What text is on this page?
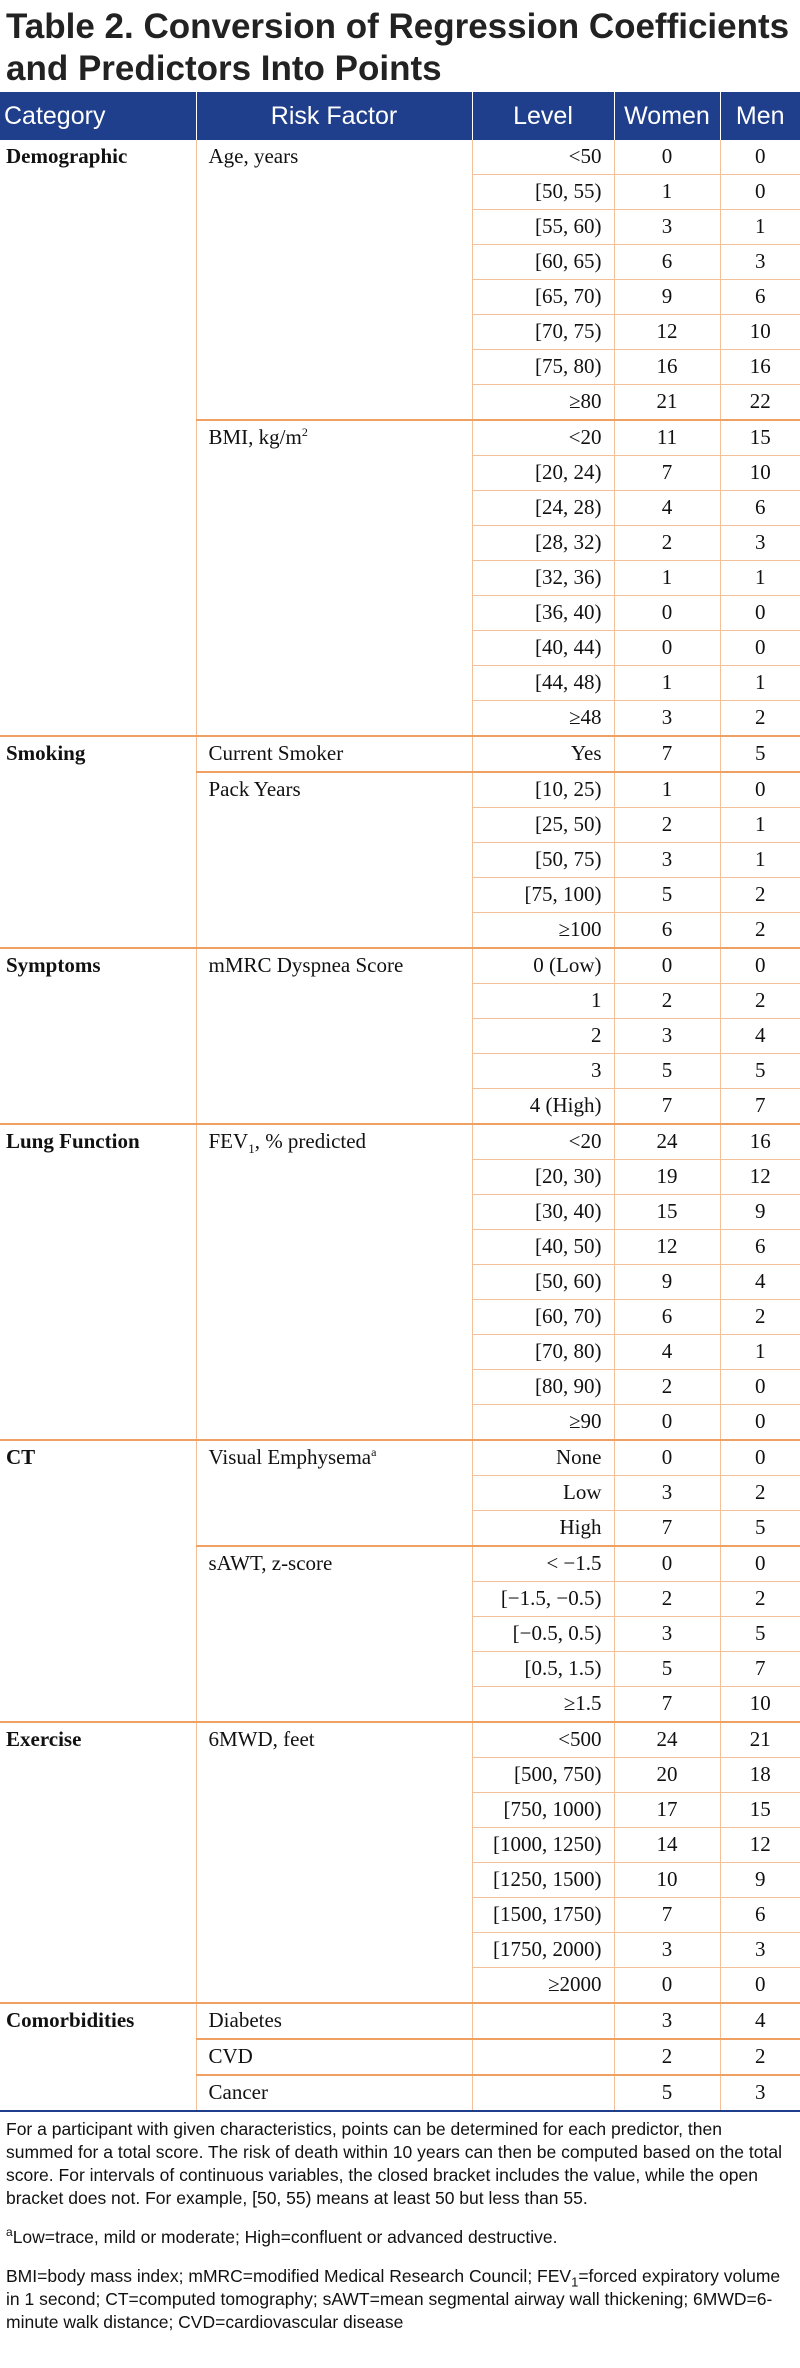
Table 2. Conversion of Regression Coefficients
and Predictors Into Points
Category	Risk Factor	Level	Women	Men
Demographic	Age, years	<50	0	0
		[50, 55)	1	0
		[55, 60)	3	1
		[60, 65)	6	3
		[65, 70)	9	6
		[70, 75)	12	10
		[75, 80)	16	16
		≥80	21	22
	BMI, $kg/m^2$	<20	11	15
		[20, 24)	7	10
		[24, 28)	4	6
		[28, 32)	2	3
		[32, 36)	1	1
		[36, 40)	0	0
		[40, 44)	0	0
		[44, 48)	1	1
		≥48	3	2
Smoking	Current Smoker	Yes	7	5
	Pack Years	[10, 25)	1	0
		[25, 50)	2	1
		[50, 75)	3	1
		[75, 100)	5	2
		≥100	6	2
Symptoms	mMRC Dyspnea Score	0 (Low)	0	0
		1	2	2
		2	3	4
		3	5	5
		4 (High)	7	7
Lung Function	$FEV_1$, % predicted	<20	24	16
		[20, 30)	19	12
		[30, 40)	15	9
		[40, 50)	12	6
		[50, 60)	9	4
		[60, 70)	6	2
		[70, 80)	4	1
		[80, 90)	2	0
		≥90	0	0
CT	Visual Emphysema$^a$	None	0	0
		Low	3	2
		High	7	5
	sAWT, z-score	< −1.5	0	0
		[−1.5, −0.5)	2	2
		[−0.5, 0.5)	3	5
		[0.5, 1.5)	5	7
		≥1.5	7	10
Exercise	6MWD, feet	<500	24	21
		[500, 750)	20	18
		[750, 1000)	17	15
		[1000, 1250)	14	12
		[1250, 1500)	10	9
		[1500, 1750)	7	6
		[1750, 2000)	3	3
		≥2000	0	0
Comorbidities	Diabetes		3	4
	CVD		2	2
	Cancer		5	3

For a participant with given characteristics, points can be determined for each predictor, then summed for a total score. The risk of death within 10 years can then be computed based on the total score. For intervals of continuous variables, the closed bracket includes the value, while the open bracket does not. For example, [50, 55) means at least 50 but less than 55.

$^a$Low=trace, mild or moderate; High=confluent or advanced destructive.

BMI=body mass index; mMRC=modified Medical Research Council; $FEV_1=forced$ expiratory volume in 1 second; CT=computed tomography; sAWT=mean segmental airway wall thickening; 6MWD=6-minute walk distance; CVD=cardiovascular disease
